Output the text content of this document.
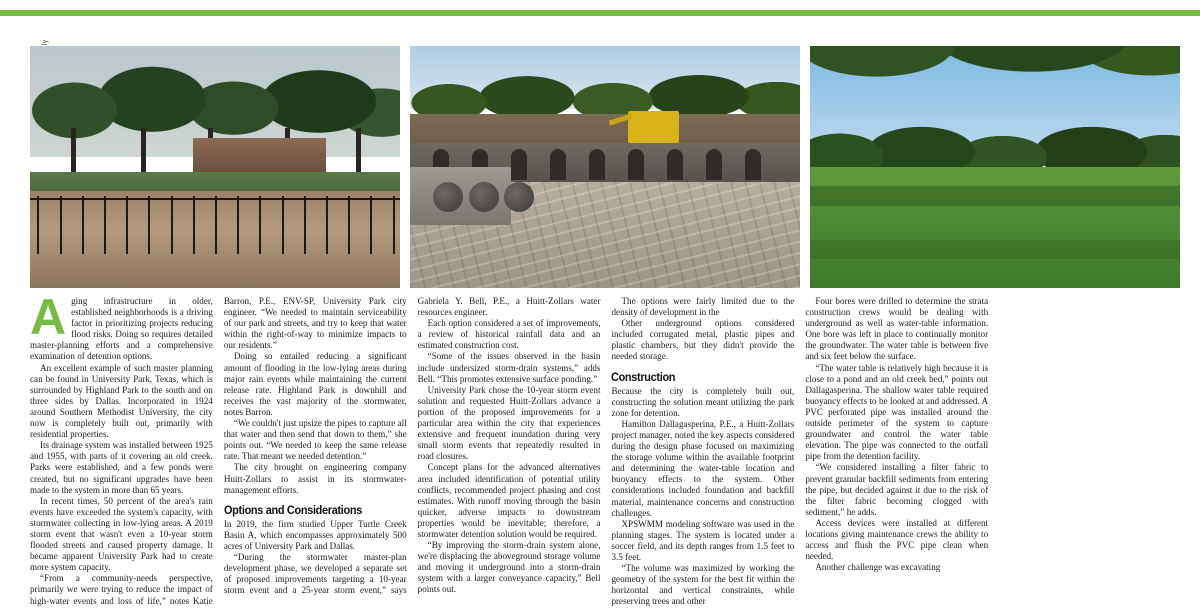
Aging infrastructure in older, established neighborhoods is a driving factor in prioritizing projects reducing flood risks. Doing so requires detailed master-planning efforts and a comprehensive examination of detention options.

An excellent example of such master planning can be found in University Park, Texas, which is surrounded by Highland Park to the south and on three sides by Dallas. Incorporated in 1924 around Southern Methodist University, the city now is completely built out, primarily with residential properties.

Its drainage system was installed between 1925 and 1955, with parts of it covering an old creek. Parks were established, and a few ponds were created, but no significant upgrades have been made to the system in more than 65 years.

In recent times, 50 percent of the area's rain events have exceeded the system's capacity, with stormwater collecting in low-lying areas. A 2019 storm event that wasn't even a 10-year storm flooded streets and caused property damage. It became apparent University Park had to create more system capacity.

“From a community-needs perspective, primarily we were trying to reduce the impact of high-water events and loss of life,” notes Katie Barron, P.E., ENV-SP, University Park city engineer. “We needed to maintain serviceability of our park and streets, and try to keep that water within the right-of-way to minimize impacts to our residents.”

Doing so entailed reducing a significant amount of flooding in the low-lying areas during major rain events while maintaining the current release rate. Highland Park is downhill and receives the vast majority of the stormwater, notes Barron.

“We couldn't just upsize the pipes to capture all that water and then send that down to them,” she points out. “We needed to keep the same release rate. That meant we needed detention.”

The city brought on engineering company Huitt-Zollars to assist in its stormwater-management efforts.

Options and Considerations

In 2019, the firm studied Upper Turtle Creek Basin A, which encompasses approximately 500 acres of University Park and Dallas.

“During the stormwater master-plan development phase, we developed a separate set of proposed improvements targeting a 10-year storm event and a 25-year storm event,” says Gabriela Y. Bell, P.E., a Huitt-Zollars water resources engineer.

Each option considered a set of improvements, a review of historical rainfall data and an estimated construction cost.

“Some of the issues observed in the basin include undersized storm-drain systems,” adds Bell. “This promotes extensive surface ponding.”

University Park chose the 10-year storm event solution and requested Huitt-Zollars advance a portion of the proposed improvements for a particular area within the city that experiences extensive and frequent inundation during very small storm events that repeatedly resulted in road closures.

Concept plans for the advanced alternatives area included identification of potential utility conflicts, recommended project phasing and cost estimates. With runoff moving through the basin quicker, adverse impacts to downstream properties would be inevitable; therefore, a stormwater detention solution would be required.

“By improving the storm-drain system alone, we're displacing the aboveground storage volume and moving it underground into a storm-drain system with a larger conveyance capacity,” Bell points out.

The options were fairly limited due to the density of development in the

Other underground options considered included corrugated metal, plastic pipes and plastic chambers, but they didn't provide the needed storage.

Construction

Because the city is completely built out, constructing the solution meant utilizing the park zone for detention.

Hamilton Dallagasperina, P.E., a Huitt-Zollars project manager, noted the key aspects considered during the design phase focused on maximizing the storage volume within the available footprint and determining the water-table location and buoyancy effects to the system. Other considerations included foundation and backfill material, maintenance concerns and construction challenges.

XPSWMM modeling software was used in the planning stages. The system is located under a soccer field, and its depth ranges from 1.5 feet to 3.5 feet.

“The volume was maximized by working the geometry of the system for the best fit within the horizontal and vertical constraints, while preserving trees and other

Four bores were drilled to determine the strata construction crews would be dealing with underground as well as water-table information. One bore was left in place to continually monitor the groundwater. The water table is between five and six feet below the surface.

“The water table is relatively high because it is close to a pond and an old creek bed,” points out Dallagasperina. The shallow water table required buoyancy effects to be looked at and addressed. A PVC perforated pipe was installed around the outside perimeter of the system to capture groundwater and control the water table elevation. The pipe was connected to the outfall pipe from the detention facility.

“We considered installing a filter fabric to prevent granular backfill sediments from entering the pipe, but decided against it due to the risk of the filter fabric becoming clogged with sediment,” he adds.

Access devices were installed at different locations giving maintenance crews the ability to access and flush the PVC pipe clean when needed.

Another challenge was excavating
